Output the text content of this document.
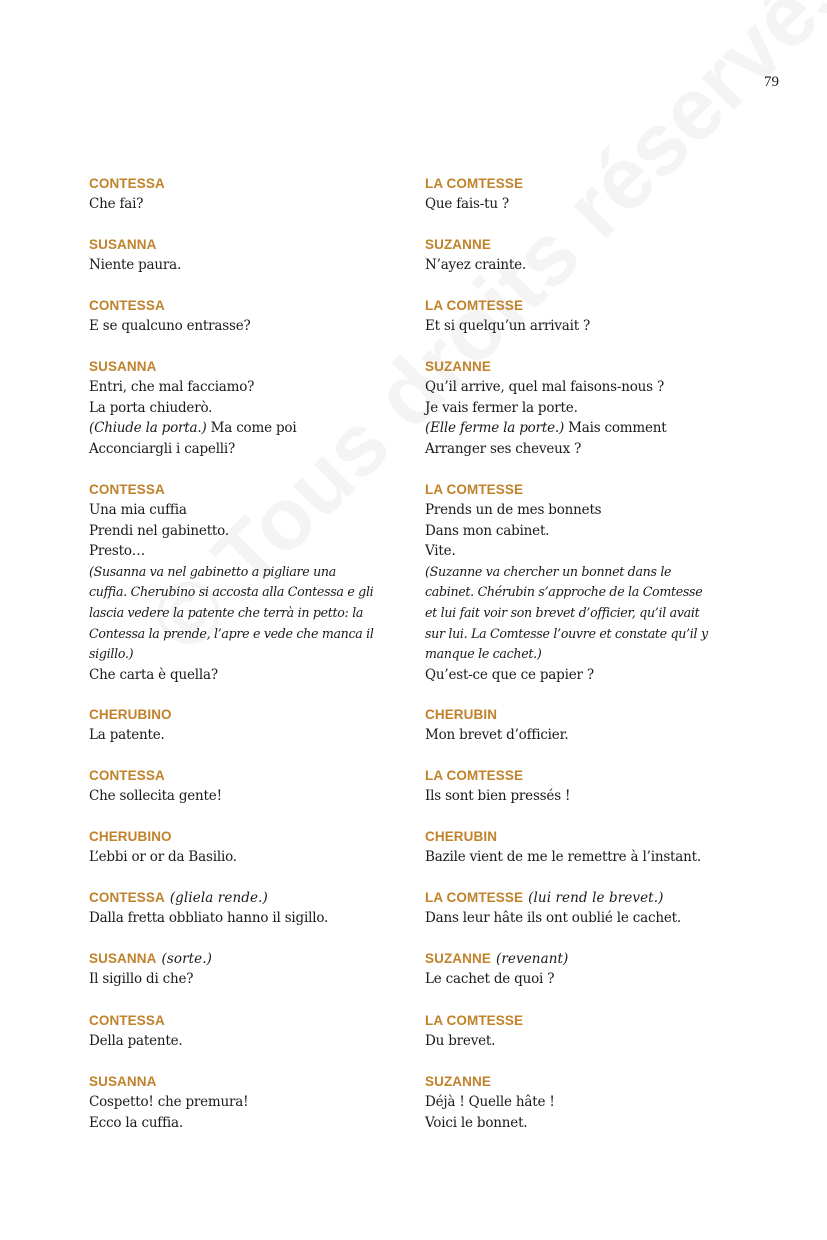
79
CONTESSA
Che fai?
SUSANNA
Niente paura.
CONTESSA
E se qualcuno entrasse?
SUSANNA
Entri, che mal facciamo?
La porta chiuderò.
(Chiude la porta.) Ma come poi
Acconciargli i capelli?
CONTESSA
Una mia cuffia
Prendi nel gabinetto.
Presto…
(Susanna va nel gabinetto a pigliare una
cuffia. Cherubino si accosta alla Contessa e gli
lascia vedere la patente che terrà in petto: la
Contessa la prende, l’apre e vede che manca il
sigillo.)
Che carta è quella?
CHERUBINO
La patente.
CONTESSA
Che sollecita gente!
CHERUBINO
L’ebbi or or da Basilio.
CONTESSA (gliela rende.)
Dalla fretta obbliato hanno il sigillo.
SUSANNA (sorte.)
Il sigillo di che?
CONTESSA
Della patente.
SUSANNA
Cospetto! che premura!
Ecco la cuffia.
LA COMTESSE
Que fais-tu ?
SUZANNE
N’ayez crainte.
LA COMTESSE
Et si quelqu’un arrivait ?
SUZANNE
Qu’il arrive, quel mal faisons-nous ?
Je vais fermer la porte.
(Elle ferme la porte.) Mais comment
Arranger ses cheveux ?
LA COMTESSE
Prends un de mes bonnets
Dans mon cabinet.
Vite.
(Suzanne va chercher un bonnet dans le
cabinet. Chérubin s’approche de la Comtesse
et lui fait voir son brevet d’officier, qu’il avait
sur lui. La Comtesse l’ouvre et constate qu’il y
manque le cachet.)
Qu’est-ce que ce papier ?
CHERUBIN
Mon brevet d’officier.
LA COMTESSE
Ils sont bien pressés !
CHERUBIN
Bazile vient de me le remettre à l’instant.
LA COMTESSE (lui rend le brevet.)
Dans leur hâte ils ont oublié le cachet.
SUZANNE (revenant)
Le cachet de quoi ?
LA COMTESSE
Du brevet.
SUZANNE
Déjà ! Quelle hâte !
Voici le bonnet.
